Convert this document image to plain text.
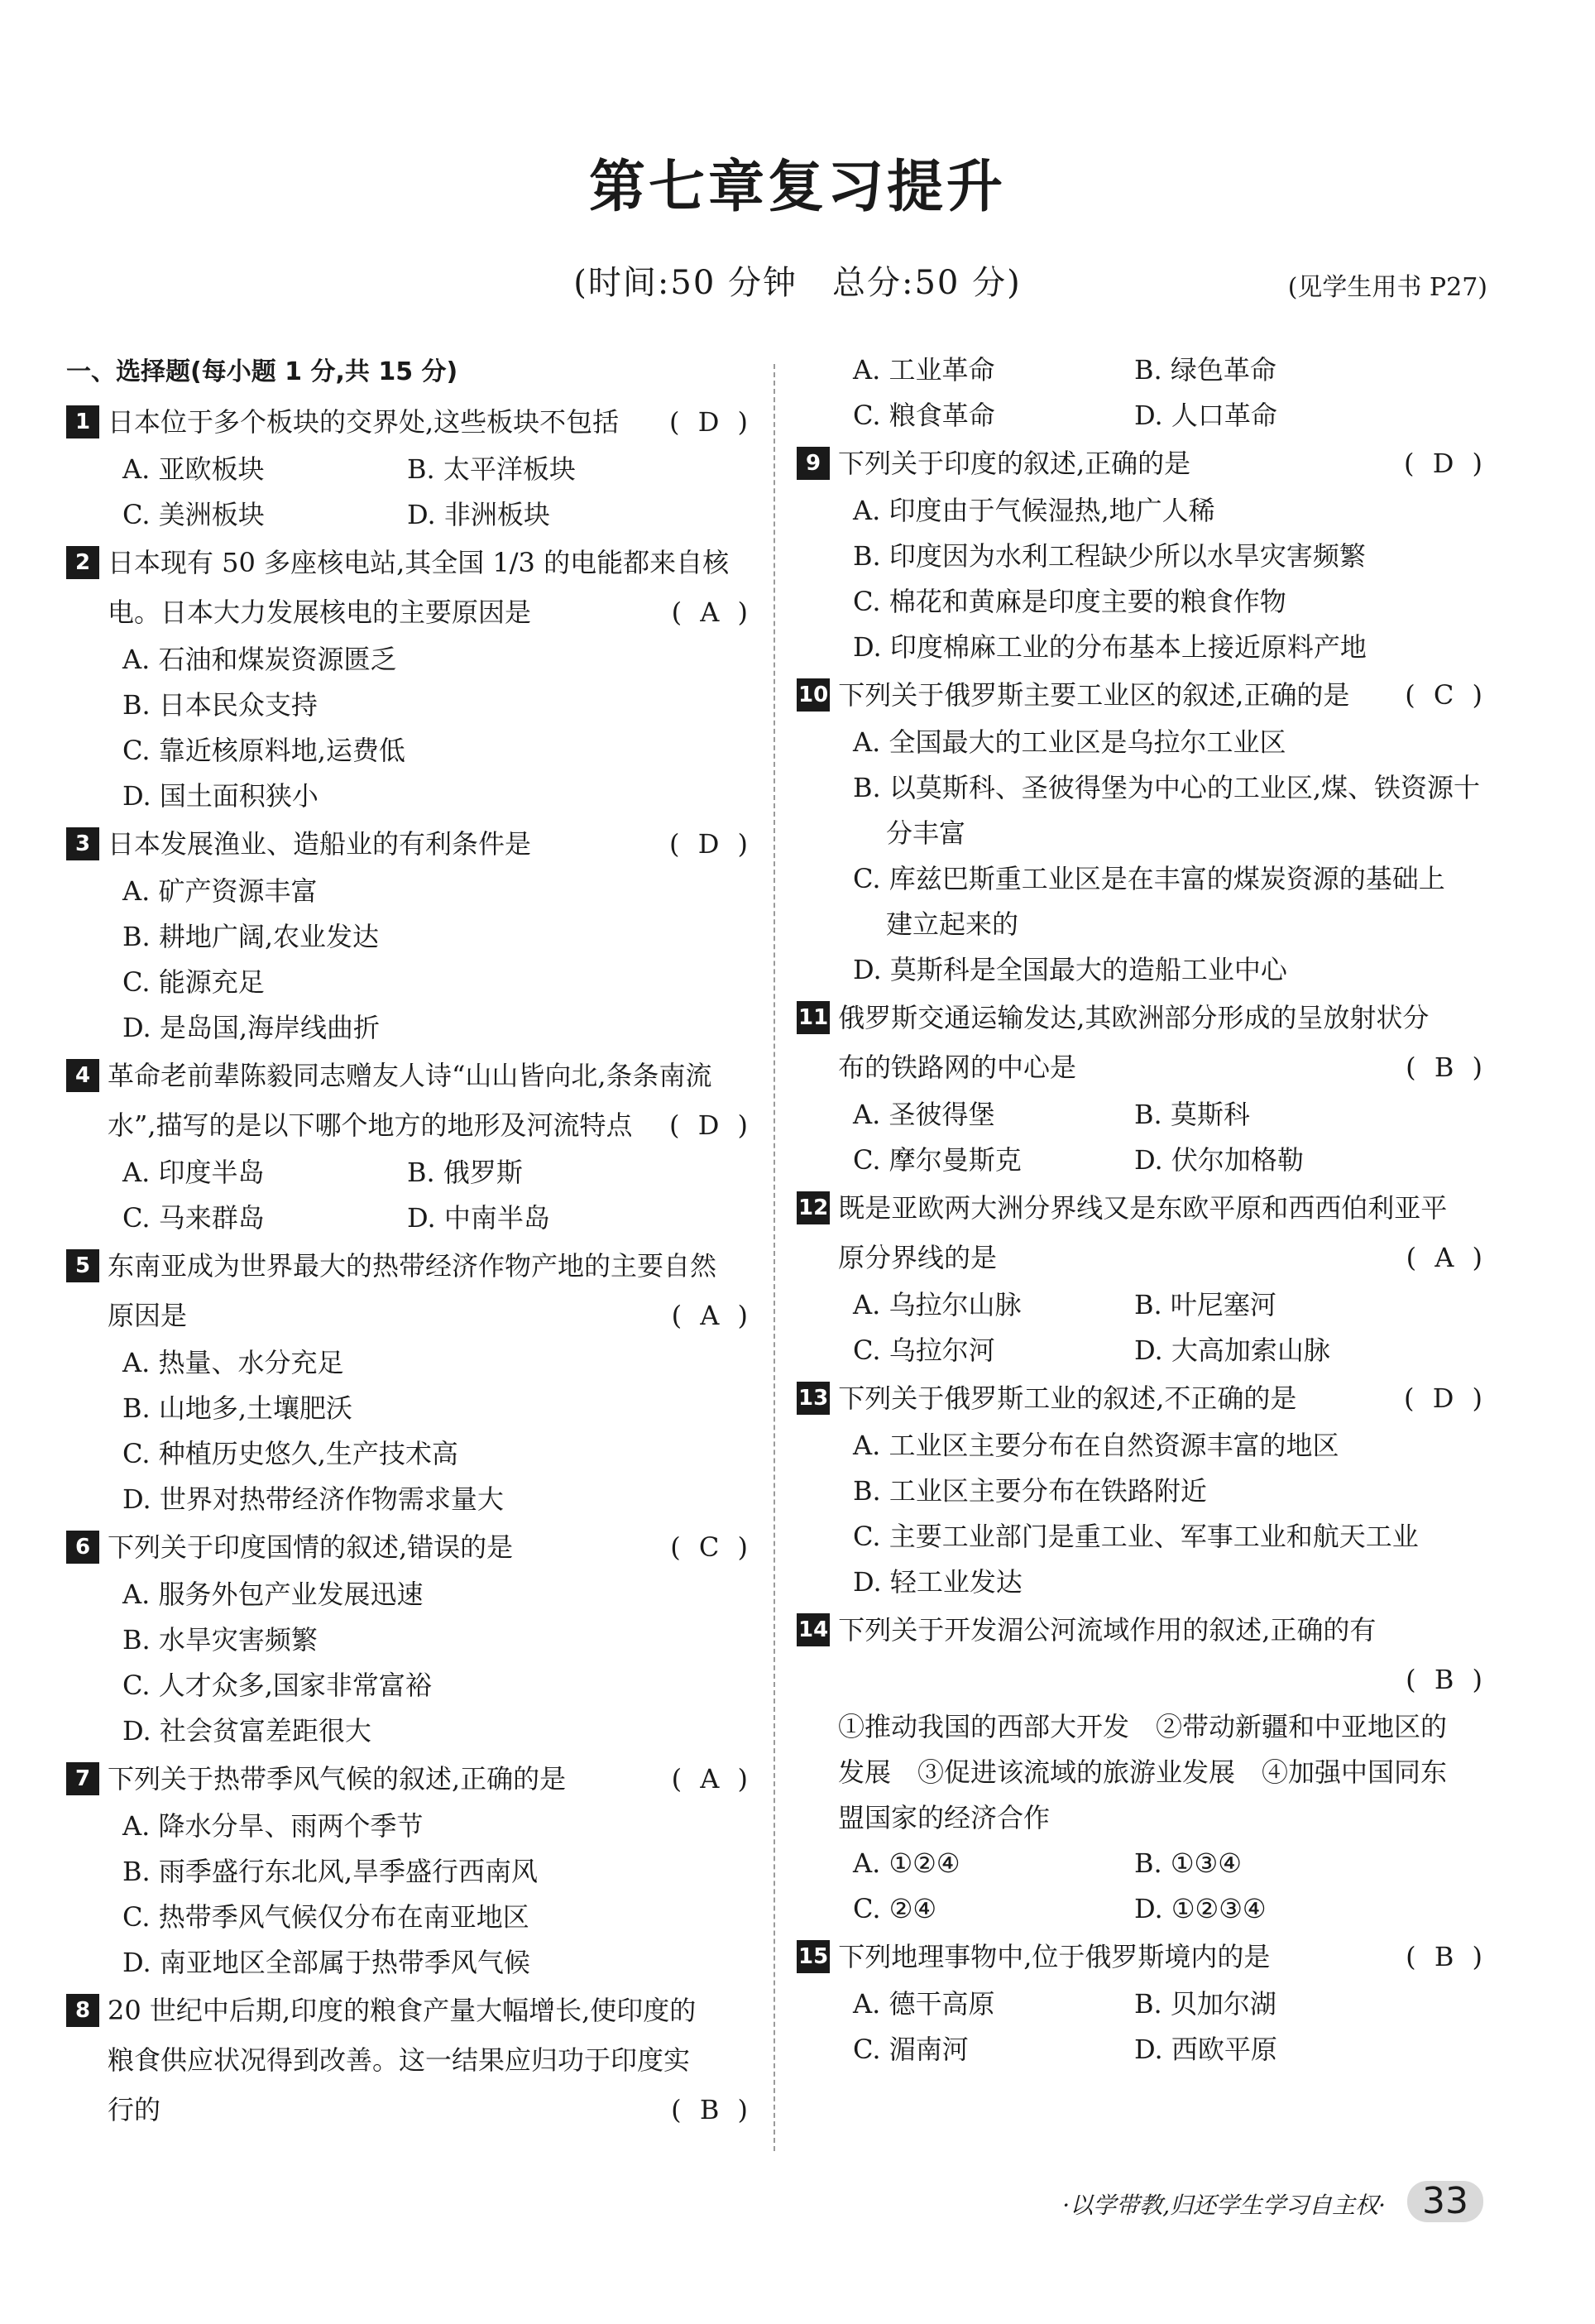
第七章复习提升
(时间:50 分钟　总分:50 分)	(见学生用书 P27)
一、选择题(每小题 1 分,共 15 分)
1 日本位于多个板块的交界处,这些板块不包括 ( D )
A. 亚欧板块	B. 太平洋板块
C. 美洲板块	D. 非洲板块
2 日本现有 50 多座核电站,其全国 1/3 的电能都来自核
电。日本大力发展核电的主要原因是	( A )
A. 石油和煤炭资源匮乏
B. 日本民众支持
C. 靠近核原料地,运费低
D. 国土面积狭小
3 日本发展渔业、造船业的有利条件是	( D )
A. 矿产资源丰富
B. 耕地广阔,农业发达
C. 能源充足
D. 是岛国,海岸线曲折
4 革命老前辈陈毅同志赠友人诗“山山皆向北,条条南流
水”,描写的是以下哪个地方的地形及河流特点 ( D )
A. 印度半岛	B. 俄罗斯
C. 马来群岛	D. 中南半岛
5 东南亚成为世界最大的热带经济作物产地的主要自然
原因是	( A )
A. 热量、水分充足
B. 山地多,土壤肥沃
C. 种植历史悠久,生产技术高
D. 世界对热带经济作物需求量大
6 下列关于印度国情的叙述,错误的是	( C )
A. 服务外包产业发展迅速
B. 水旱灾害频繁
C. 人才众多,国家非常富裕
D. 社会贫富差距很大
7 下列关于热带季风气候的叙述,正确的是	( A )
A. 降水分旱、雨两个季节
B. 雨季盛行东北风,旱季盛行西南风
C. 热带季风气候仅分布在南亚地区
D. 南亚地区全部属于热带季风气候
8 20 世纪中后期,印度的粮食产量大幅增长,使印度的
粮食供应状况得到改善。这一结果应归功于印度实
行的	( B )
A. 工业革命	B. 绿色革命
C. 粮食革命	D. 人口革命
9 下列关于印度的叙述,正确的是	( D )
A. 印度由于气候湿热,地广人稀
B. 印度因为水利工程缺少所以水旱灾害频繁
C. 棉花和黄麻是印度主要的粮食作物
D. 印度棉麻工业的分布基本上接近原料产地
10 下列关于俄罗斯主要工业区的叙述,正确的是 ( C )
A. 全国最大的工业区是乌拉尔工业区
B. 以莫斯科、圣彼得堡为中心的工业区,煤、铁资源十
分丰富
C. 库兹巴斯重工业区是在丰富的煤炭资源的基础上
建立起来的
D. 莫斯科是全国最大的造船工业中心
11 俄罗斯交通运输发达,其欧洲部分形成的呈放射状分
布的铁路网的中心是	( B )
A. 圣彼得堡	B. 莫斯科
C. 摩尔曼斯克	D. 伏尔加格勒
12 既是亚欧两大洲分界线又是东欧平原和西西伯利亚平
原分界线的是	( A )
A. 乌拉尔山脉	B. 叶尼塞河
C. 乌拉尔河	D. 大高加索山脉
13 下列关于俄罗斯工业的叙述,不正确的是	( D )
A. 工业区主要分布在自然资源丰富的地区
B. 工业区主要分布在铁路附近
C. 主要工业部门是重工业、军事工业和航天工业
D. 轻工业发达
14 下列关于开发湄公河流域作用的叙述,正确的有
( B )
①推动我国的西部大开发　②带动新疆和中亚地区的
发展　③促进该流域的旅游业发展　④加强中国同东
盟国家的经济合作
A. ①②④	B. ①③④
C. ②④	D. ①②③④
15 下列地理事物中,位于俄罗斯境内的是	( B )
A. 德干高原	B. 贝加尔湖
C. 湄南河	D. 西欧平原
·以学带教,归还学生学习自主权· 33
